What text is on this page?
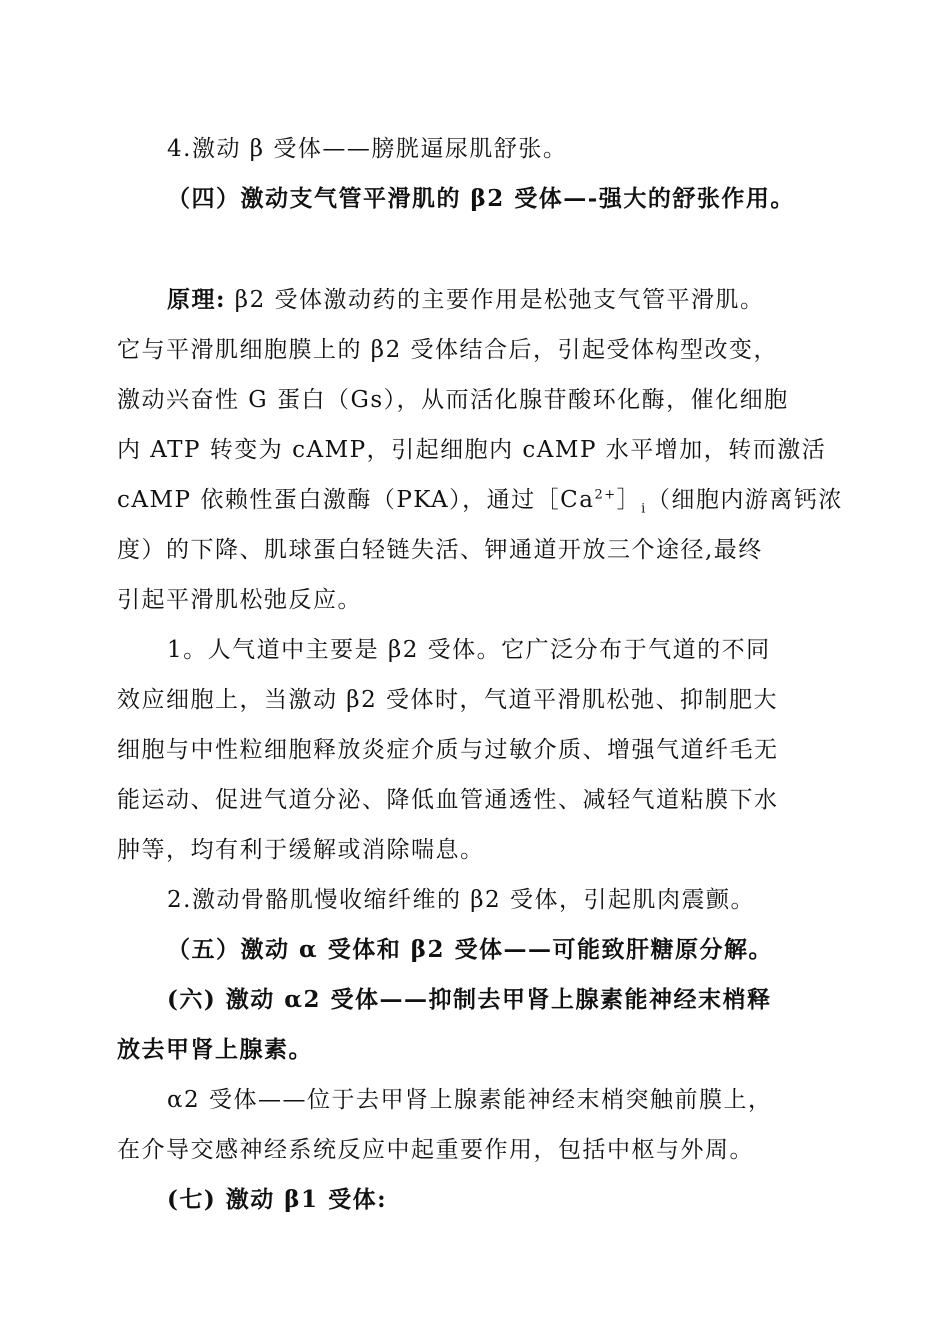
4.激动 β 受体——膀胱逼尿肌舒张。
（四）激动支气管平滑肌的 β2 受体—-强大的舒张作用。
原理: β2 受体激动药的主要作用是松弛支气管平滑肌。
它与平滑肌细胞膜上的 β2 受体结合后，引起受体构型改变，
激动兴奋性 G 蛋白（Gs），从而活化腺苷酸环化酶，催化细胞
内 ATP 转变为 cAMP，引起细胞内 cAMP 水平增加，转而激活
cAMP 依赖性蛋白激酶（PKA），通过$[Ca^{2+}]_i$（细胞内游离钙浓
度）的下降、肌球蛋白轻链失活、钾通道开放三个途径,最终
引起平滑肌松弛反应。
1。人气道中主要是 β2 受体。它广泛分布于气道的不同
效应细胞上，当激动 β2 受体时，气道平滑肌松弛、抑制肥大
细胞与中性粒细胞释放炎症介质与过敏介质、增强气道纤毛无
能运动、促进气道分泌、降低血管通透性、减轻气道粘膜下水
肿等，均有利于缓解或消除喘息。
2.激动骨骼肌慢收缩纤维的 β2 受体，引起肌肉震颤。
（五）激动 α 受体和 β2 受体——可能致肝糖原分解。
(六) 激动 α2 受体——抑制去甲肾上腺素能神经末梢释
放去甲肾上腺素。
α2 受体——位于去甲肾上腺素能神经末梢突触前膜上，
在介导交感神经系统反应中起重要作用，包括中枢与外周。
(七) 激动 β1 受体:
